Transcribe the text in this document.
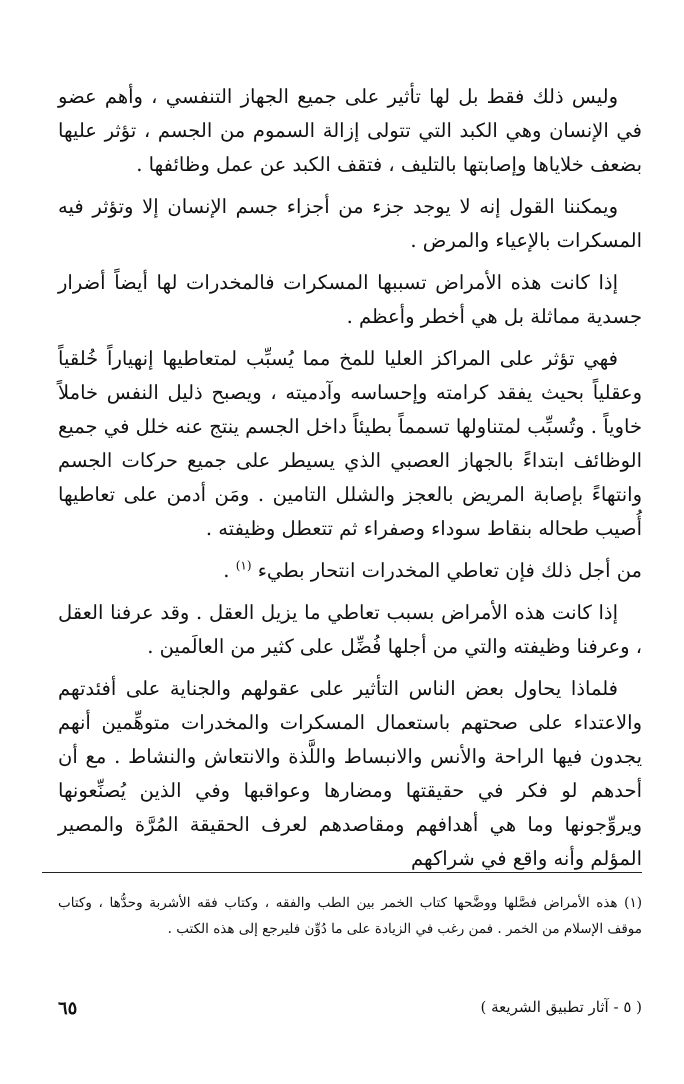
وليس ذلك فقط بل لها تأثير على جميع الجهاز التنفسي ، وأهم عضو في الإنسان وهي الكبد التي تتولى إزالة السموم من الجسم ، تؤثر عليها بضعف خلاياها وإصابتها بالتليف ، فتقف الكبد عن عمل وظائفها .

ويمكننا القول إنه لا يوجد جزء من أجزاء جسم الإنسان إلا وتؤثر فيه المسكرات بالإعياء والمرض .

إذا كانت هذه الأمراض تسببها المسكرات فالمخدرات لها أيضاً أضرار جسدية مماثلة بل هي أخطر وأعظم .

فهي تؤثر على المراكز العليا للمخ مما يُسبِّب لمتعاطيها إنهياراً خُلقياً وعقلياً بحيث يفقد كرامته وإحساسه وآدميته ، ويصبح ذليل النفس خاملاً خاوياً . وتُسبِّب لمتناولها تسمماً بطيئاً داخل الجسم ينتج عنه خلل في جميع الوظائف ابتداءً بالجهاز العصبي الذي يسيطر على جميع حركات الجسم وانتهاءً بإصابة المريض بالعجز والشلل التامين . ومَن أدمن على تعاطيها أُصيب طحاله بنقاط سوداء وصفراء ثم تتعطل وظيفته .

من أجل ذلك فإن تعاطي المخدرات انتحار بطيء $^{(١)}$ .

إذا كانت هذه الأمراض بسبب تعاطي ما يزيل العقل . وقد عرفنا العقل ، وعرفنا وظيفته والتي من أجلها فُضِّل على كثير من العالَمين .

فلماذا يحاول بعض الناس التأثير على عقولهم والجناية على أفئدتهم والاعتداء على صحتهم باستعمال المسكرات والمخدرات متوهِّمين أنهم يجدون فيها الراحة والأنس والانبساط واللَّذة والانتعاش والنشاط . مع أن أحدهم لو فكر في حقيقتها ومضارها وعواقبها وفي الذين يُصنِّعونها ويروِّجونها وما هي أهدافهم ومقاصدهم لعرف الحقيقة المُرَّة والمصير المؤلم وأنه واقع في شراكهم

(١) هذه الأمراض فصَّلها ووضَّحها كتاب الخمر بين الطب والفقه ، وكتاب فقه الأشربة وحدُّها ، وكتاب موقف الإسلام من الخمر . فمن رغب في الزيادة على ما دُوِّن فليرجع إلى هذه الكتب .
( ٥ - آثار تطبيق الشريعة )
٦٥
